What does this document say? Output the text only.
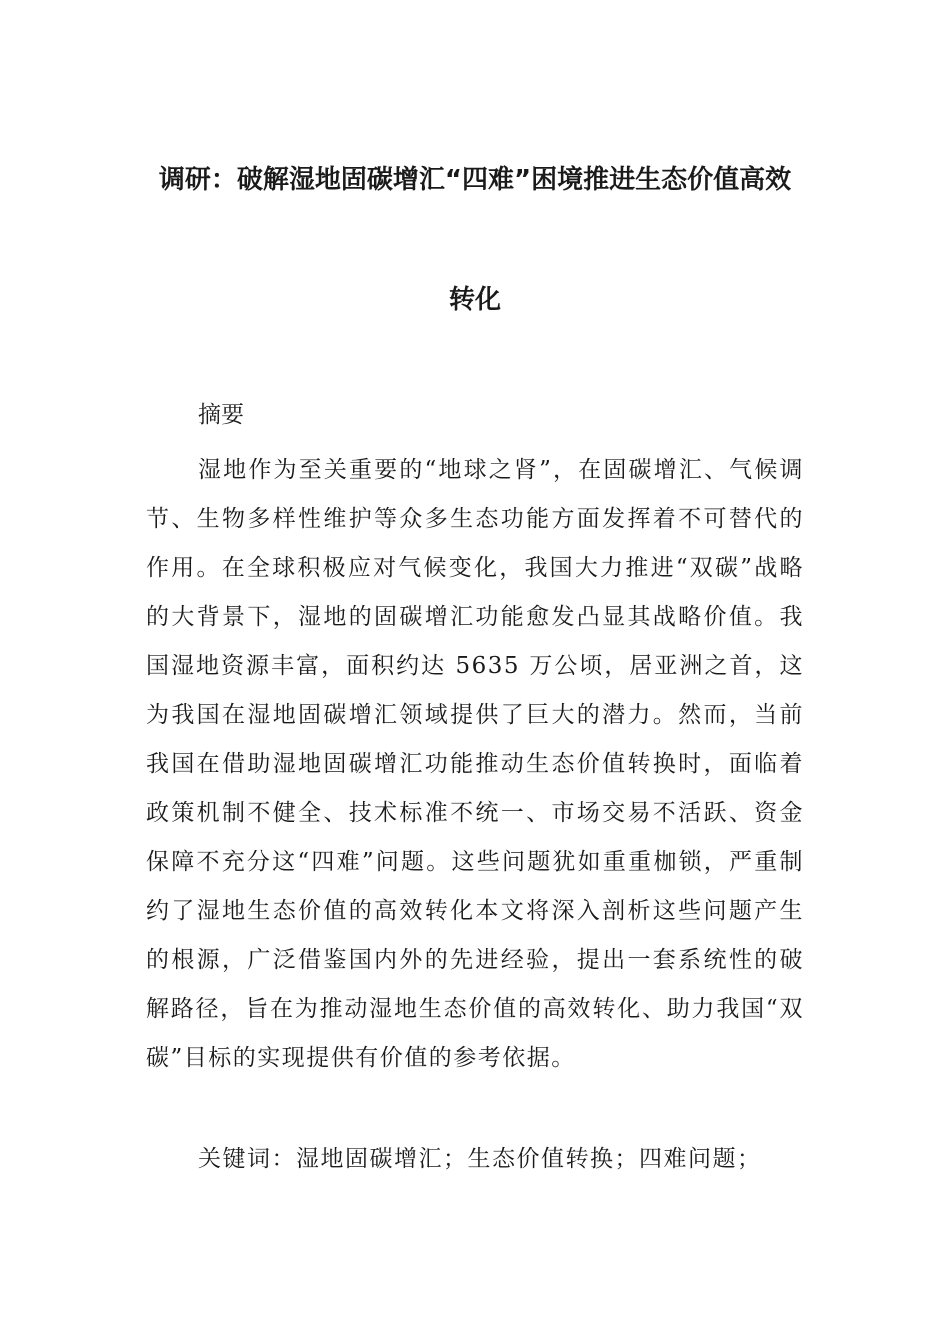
调研：破解湿地固碳增汇“四难”困境推进生态价值高效
转化
摘要

湿地作为至关重要的“地球之肾”，在固碳增汇、气候调节、生物多样性维护等众多生态功能方面发挥着不可替代的作用。在全球积极应对气候变化，我国大力推进“双碳”战略的大背景下，湿地的固碳增汇功能愈发凸显其战略价值。我国湿地资源丰富，面积约达 5635 万公顷，居亚洲之首，这为我国在湿地固碳增汇领域提供了巨大的潜力。然而，当前我国在借助湿地固碳增汇功能推动生态价值转换时，面临着政策机制不健全、技术标准不统一、市场交易不活跃、资金保障不充分这“四难”问题。这些问题犹如重重枷锁，严重制约了湿地生态价值的高效转化本文将深入剖析这些问题产生的根源，广泛借鉴国内外的先进经验，提出一套系统性的破解路径，旨在为推动湿地生态价值的高效转化、助力我国“双碳”目标的实现提供有价值的参考依据。

关键词：湿地固碳增汇；生态价值转换；四难问题；
